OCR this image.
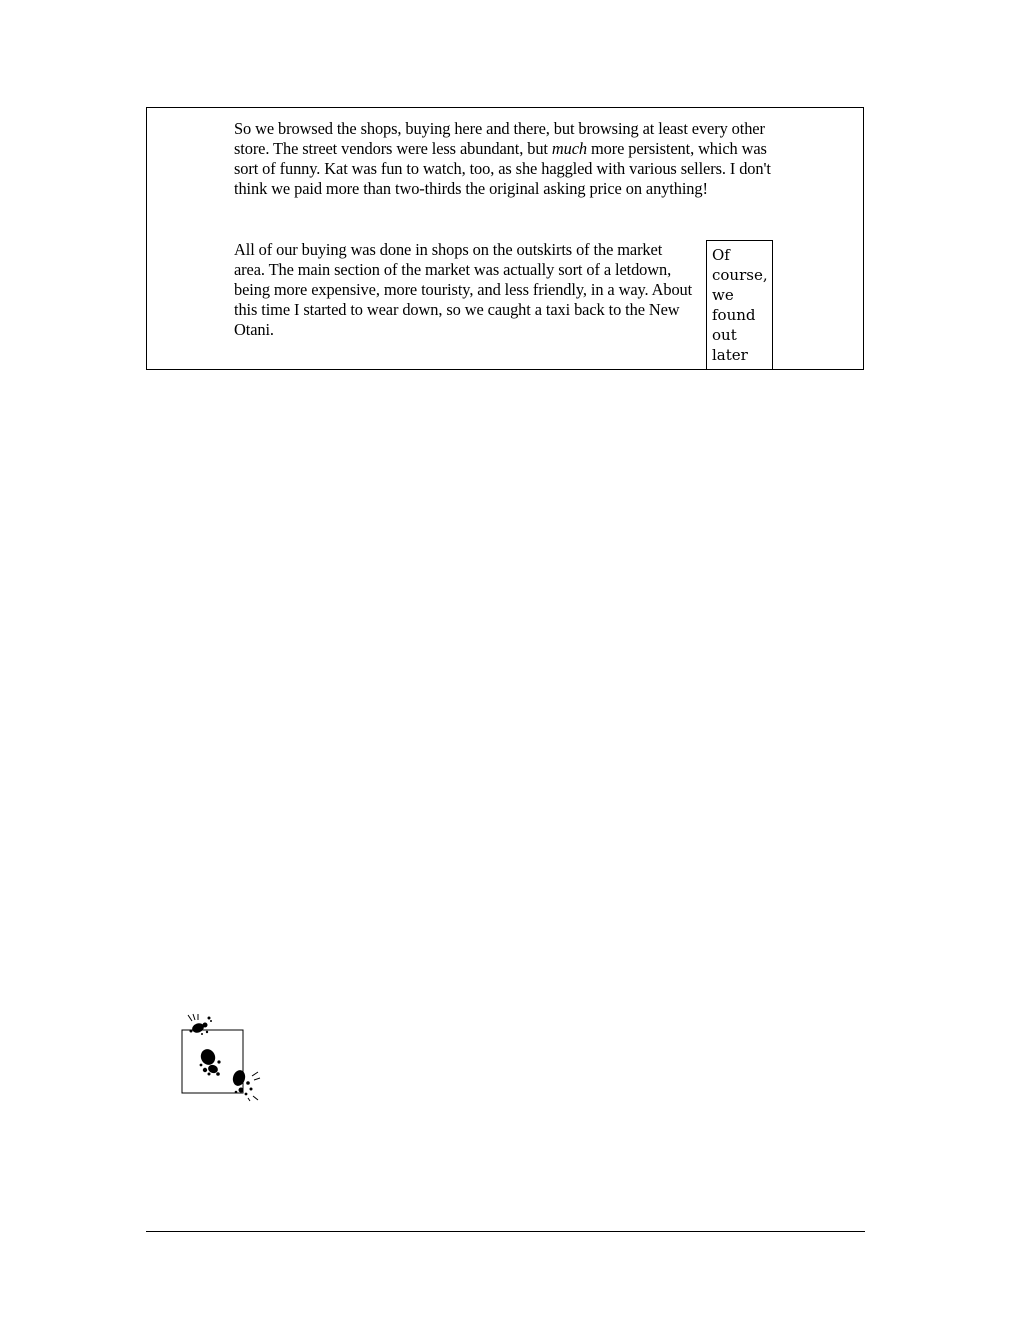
So we browsed the shops, buying here and there, but browsing at least every other store. The street vendors were less abundant, but much more persistent, which was sort of funny. Kat was fun to watch, too, as she haggled with various sellers. I don't think we paid more than two-thirds the original asking price on anything!

All of our buying was done in shops on the outskirts of the market area. The main section of the market was actually sort of a letdown, being more expensive, more touristy, and less friendly, in a way. About this time I started to wear down, so we caught a taxi back to the New Otani.

Of
course,
we
found
out
later
